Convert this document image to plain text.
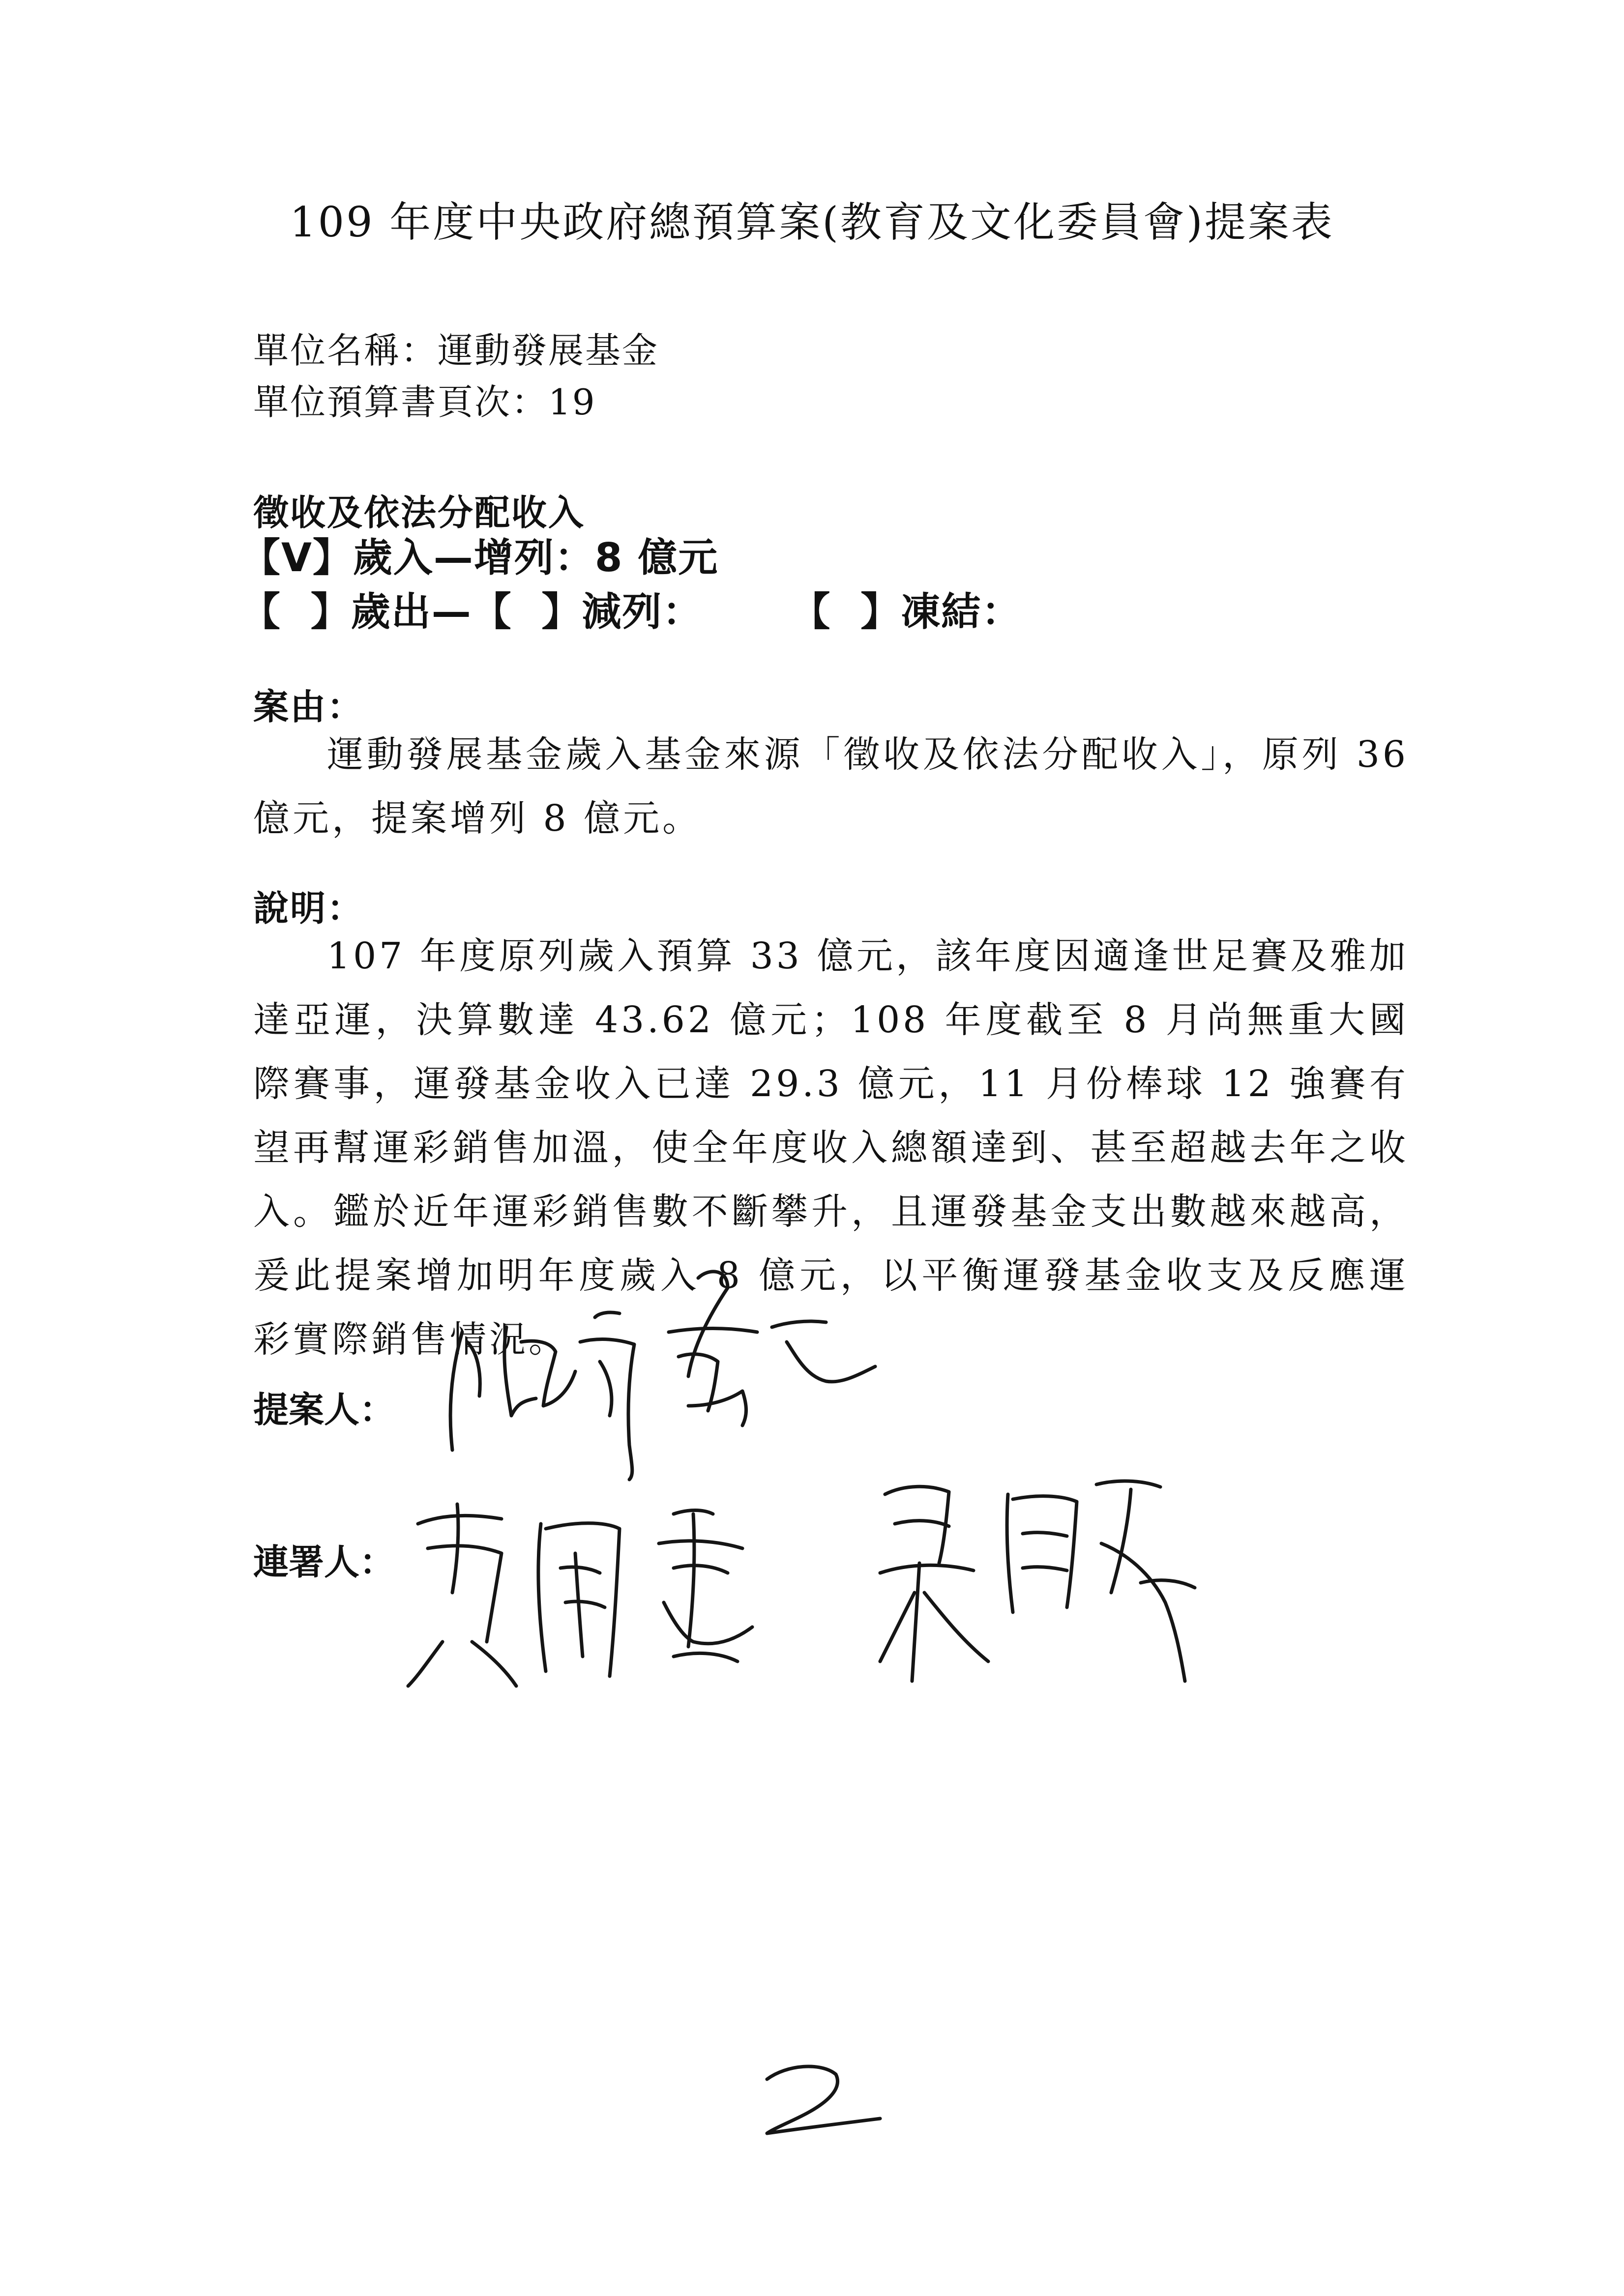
109 年度中央政府總預算案(教育及文化委員會)提案表
單位名稱：運動發展基金
單位預算書頁次：19
徵收及依法分配收入
【V】歲入—增列：8 億元
【  】歲出—【  】減列：      【  】凍結：
案由：
運動發展基金歲入基金來源「徵收及依法分配收入」，原列 36 億元，提案增列 8 億元。
說明：
107 年度原列歲入預算 33 億元，該年度因適逢世足賽及雅加達亞運，決算數達 43.62 億元；108 年度截至 8 月尚無重大國際賽事，運發基金收入已達 29.3 億元，11 月份棒球 12 強賽有望再幫運彩銷售加溫，使全年度收入總額達到、甚至超越去年之收入。鑑於近年運彩銷售數不斷攀升，且運發基金支出數越來越高，爰此提案增加明年度歲入 8 億元，以平衡運發基金收支及反應運彩實際銷售情況。
提案人：
連署人：
